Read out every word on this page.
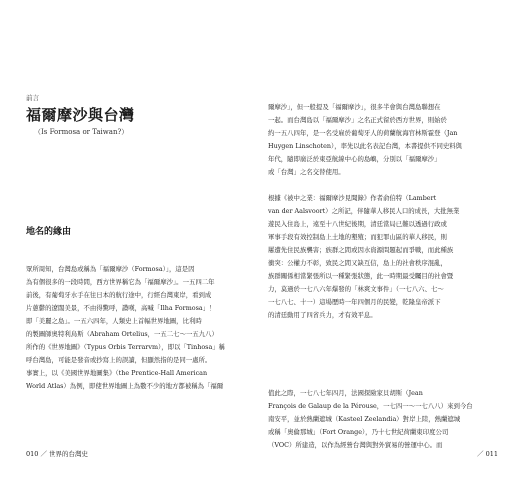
前言
福爾摩沙與台灣
（Is Formosa or Taiwan?）
地名的緣由

眾所周知，台灣島或稱為「福爾摩沙（Formosa）」，這是因

為有個很多的一段時間，西方世界稱它為「福爾摩沙」。一五四二年

前後，有葡萄牙水手在往日本的航行途中，行經台灣東岸，看到成

片蔥鬱的遼闊美景，不由得驚呼，讚嘆，高喊「Ilha Formosa」！

即「美麗之島」。一五六四年，人類史上首幅世界地圖，比利時

的製圖師奧特利烏斯（Abraham Ortelius，一五二七～一五九八）

所作的《世界地圖》（Typus Orbis Terrarvm），即以「Tinhosa」稱

呼台灣島，可能是發音或抄寫上的誤讀，但顯然指的是同一處所。

事實上，以《美國世界地圖集》（the Prentice-Hall American

World Atlas）為例，即使世界地圖上為數不少的地方都被稱為「福爾

010 ／ 世界的台灣史

爾摩沙」，但一般提及「福爾摩沙」，很多半會與台灣島聯想在

一起。而台灣島以「福爾摩沙」之名正式留於西方世界，則始於

約一五八四年，是一名受雇於葡萄牙人的荷蘭航海官林斯霍登（Jan

Huygen Linschoten），率先以此名表記台灣，本書提供不同史料與

年代，隨即廣泛於東亞航線中心的島嶼，分別以「福爾摩沙」

或「台灣」之名交替使用。

根據《被中之業：福爾摩沙見聞錄》作者俞伯特（Lambert

van der Aalsvoort）之所記，伴隨華人移民人口的成長，大批無業

遊民入住島上，遠至十八世紀後期，清廷當局已難以透過行政或

軍事手段有效控制島上土地的墾殖；而犯罪山區的華人移民，則

屢遭先住民族襲害；族群之間或因水資源問題起而爭戰，而此種族

衝突：公權力不彰，致民之間又缺互信，島上的社會秩序混亂，

族群關係相當緊張所以一種緊張狀態，此一時期最受矚目的社會暨

力，莫過於一七八六年爆發的「林爽文事件」（一七八六、七～

一七八七、十一）這場歷時一年四個月的民變，乾隆皇帝派下

的清廷動用了四省兵力，才有效平息。

值此之際，一七八七年四月，法國探險家貝胡斯（Jean

François de Galaup de la Pérouse，一七四一～一七八八）來到今台

南安平，並於熱蘭遮城（Kasteel Zeelandia）對岸上陸，熱蘭遮城

或稱「奧倫那城」（Fort Orange），乃十七世紀荷蘭東印度公司

（VOC）所建造，以作為經營台灣與對外貿易的營運中心。而

／ 011
